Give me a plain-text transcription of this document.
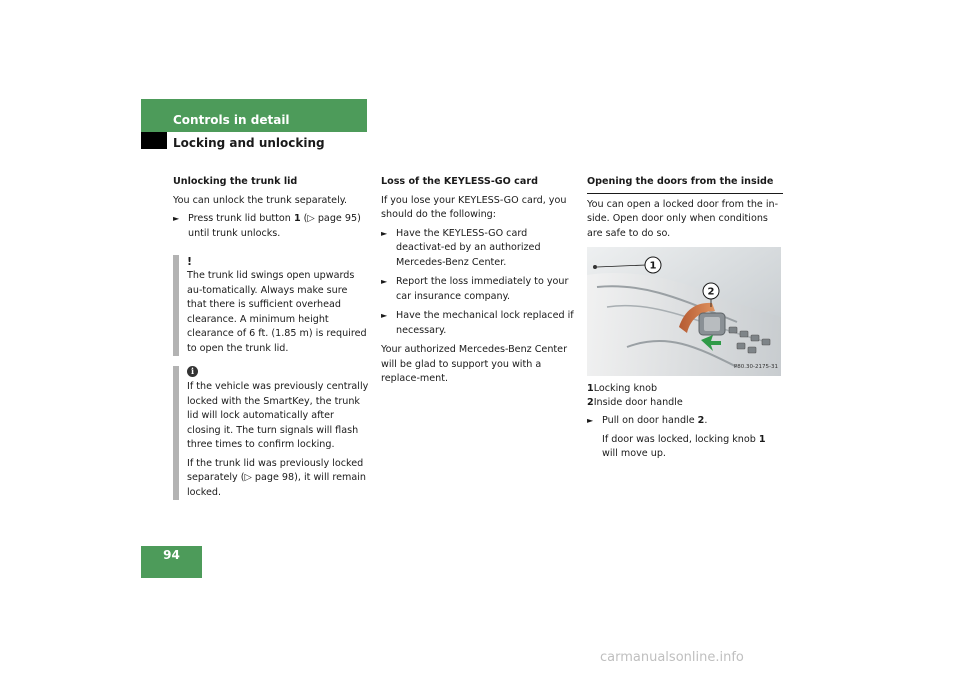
Controls in detail
Locking and unlocking

Unlocking the trunk lid

You can unlock the trunk separately.

► Press trunk lid button 1 (▷ page 95) until trunk unlocks.
!

The trunk lid swings open upwards au-tomatically. Always make sure that there is sufficient overhead clearance. A minimum height clearance of 6 ft. (1.85 m) is required to open the trunk lid.

i

If the vehicle was previously centrally locked with the SmartKey, the trunk lid will lock automatically after closing it. The turn signals will flash three times to confirm locking.

If the trunk lid was previously locked separately (▷ page 98), it will remain locked.

Loss of the KEYLESS-GO card

If you lose your KEYLESS-GO card, you should do the following:

► Have the KEYLESS-GO card deactivat-ed by an authorized Mercedes-Benz Center.
► Report the loss immediately to your car insurance company.
► Have the mechanical lock replaced if necessary.

Your authorized Mercedes-Benz Center will be glad to support you with a replace-ment.

Opening the doors from the inside

You can open a locked door from the in-side. Open door only when conditions are safe to do so.

1
2
P80.30-2175-31
1Locking knob
2Inside door handle
► Pull on door handle 2.
If door was locked, locking knob 1 will move up.
94
carmanualsonline.info
